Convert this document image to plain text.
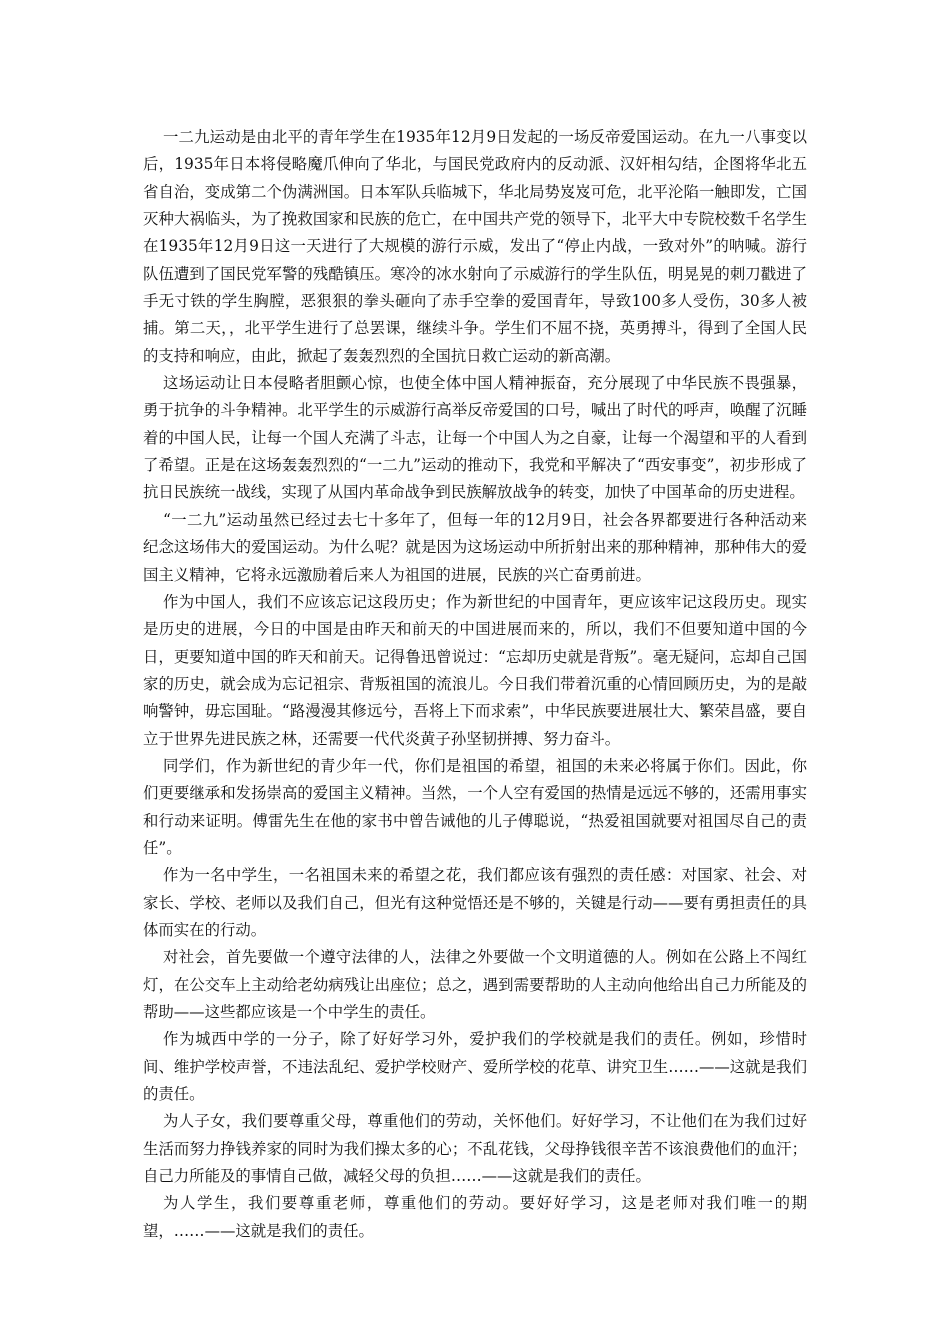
一二九运动是由北平的青年学生在1935年12月9日发起的一场反帝爱国运动。在九一八事变以后，1935年日本将侵略魔爪伸向了华北，与国民党政府内的反动派、汉奸相勾结，企图将华北五省自治，变成第二个伪满洲国。日本军队兵临城下，华北局势岌岌可危，北平沦陷一触即发，亡国灭种大祸临头，为了挽救国家和民族的危亡，在中国共产党的领导下，北平大中专院校数千名学生在1935年12月9日这一天进行了大规模的游行示威，发出了“停止内战，一致对外”的呐喊。游行队伍遭到了国民党军警的残酷镇压。寒冷的冰水射向了示威游行的学生队伍，明晃晃的刺刀戳进了手无寸铁的学生胸膛，恶狠狠的拳头砸向了赤手空拳的爱国青年，导致100多人受伤，30多人被捕。第二天，，北平学生进行了总罢课，继续斗争。学生们不屈不挠，英勇搏斗，得到了全国人民的支持和响应，由此，掀起了轰轰烈烈的全国抗日救亡运动的新高潮。

这场运动让日本侵略者胆颤心惊，也使全体中国人精神振奋，充分展现了中华民族不畏强暴，勇于抗争的斗争精神。北平学生的示威游行高举反帝爱国的口号，喊出了时代的呼声，唤醒了沉睡着的中国人民，让每一个国人充满了斗志，让每一个中国人为之自豪，让每一个渴望和平的人看到了希望。正是在这场轰轰烈烈的“一二九”运动的推动下，我党和平解决了“西安事变”，初步形成了抗日民族统一战线，实现了从国内革命战争到民族解放战争的转变，加快了中国革命的历史进程。

“一二九”运动虽然已经过去七十多年了，但每一年的12月9日，社会各界都要进行各种活动来纪念这场伟大的爱国运动。为什么呢？就是因为这场运动中所折射出来的那种精神，那种伟大的爱国主义精神，它将永远激励着后来人为祖国的进展，民族的兴亡奋勇前进。

作为中国人，我们不应该忘记这段历史；作为新世纪的中国青年，更应该牢记这段历史。现实是历史的进展，今日的中国是由昨天和前天的中国进展而来的，所以，我们不但要知道中国的今日，更要知道中国的昨天和前天。记得鲁迅曾说过：“忘却历史就是背叛”。毫无疑问，忘却自己国家的历史，就会成为忘记祖宗、背叛祖国的流浪儿。今日我们带着沉重的心情回顾历史，为的是敲响警钟，毋忘国耻。“路漫漫其修远兮，吾将上下而求索”，中华民族要进展壮大、繁荣昌盛，要自立于世界先进民族之林，还需要一代代炎黄子孙坚韧拼搏、努力奋斗。

同学们，作为新世纪的青少年一代，你们是祖国的希望，祖国的未来必将属于你们。因此，你们更要继承和发扬崇高的爱国主义精神。当然，一个人空有爱国的热情是远远不够的，还需用事实和行动来证明。傅雷先生在他的家书中曾告诫他的儿子傅聪说，“热爱祖国就要对祖国尽自己的责任”。

作为一名中学生，一名祖国未来的希望之花，我们都应该有强烈的责任感：对国家、社会、对家长、学校、老师以及我们自己，但光有这种觉悟还是不够的，关键是行动——要有勇担责任的具体而实在的行动。

对社会，首先要做一个遵守法律的人，法律之外要做一个文明道德的人。例如在公路上不闯红灯，在公交车上主动给老幼病残让出座位；总之，遇到需要帮助的人主动向他给出自己力所能及的帮助——这些都应该是一个中学生的责任。

作为城西中学的一分子，除了好好学习外，爱护我们的学校就是我们的责任。例如，珍惜时间、维护学校声誉，不违法乱纪、爱护学校财产、爱所学校的花草、讲究卫生……——这就是我们的责任。

为人子女，我们要尊重父母，尊重他们的劳动，关怀他们。好好学习，不让他们在为我们过好生活而努力挣钱养家的同时为我们操太多的心；不乱花钱，父母挣钱很辛苦不该浪费他们的血汗；自己力所能及的事情自己做，减轻父母的负担……——这就是我们的责任。

为人学生，我们要尊重老师，尊重他们的劳动。要好好学习，这是老师对我们唯一的期望，……——这就是我们的责任。
